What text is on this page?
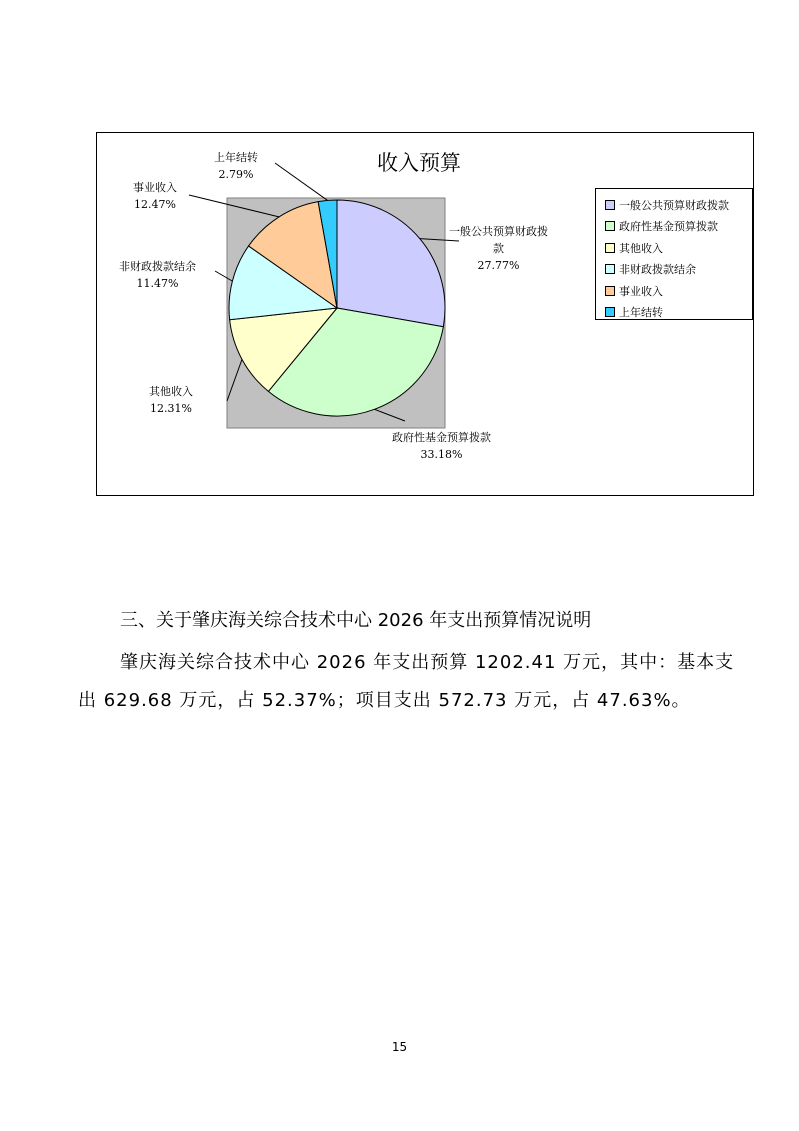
收入预算
一般公共预算财政拨款
政府性基金预算拨款
其他收入
非财政拨款结余
事业收入
上年结转
一般公共预算财政拨
款
27.77%
政府性基金预算拨款
33.18%
其他收入
12.31%
非财政拨款结余
11.47%
事业收入
12.47%
上年结转
2.79%
三、关于肇庆海关综合技术中心 2026 年支出预算情况说明

肇庆海关综合技术中心 2026 年支出预算 1202.41 万元，其中：基本支出 629.68 万元，占 52.37%；项目支出 572.73 万元，占 47.63%。

15
